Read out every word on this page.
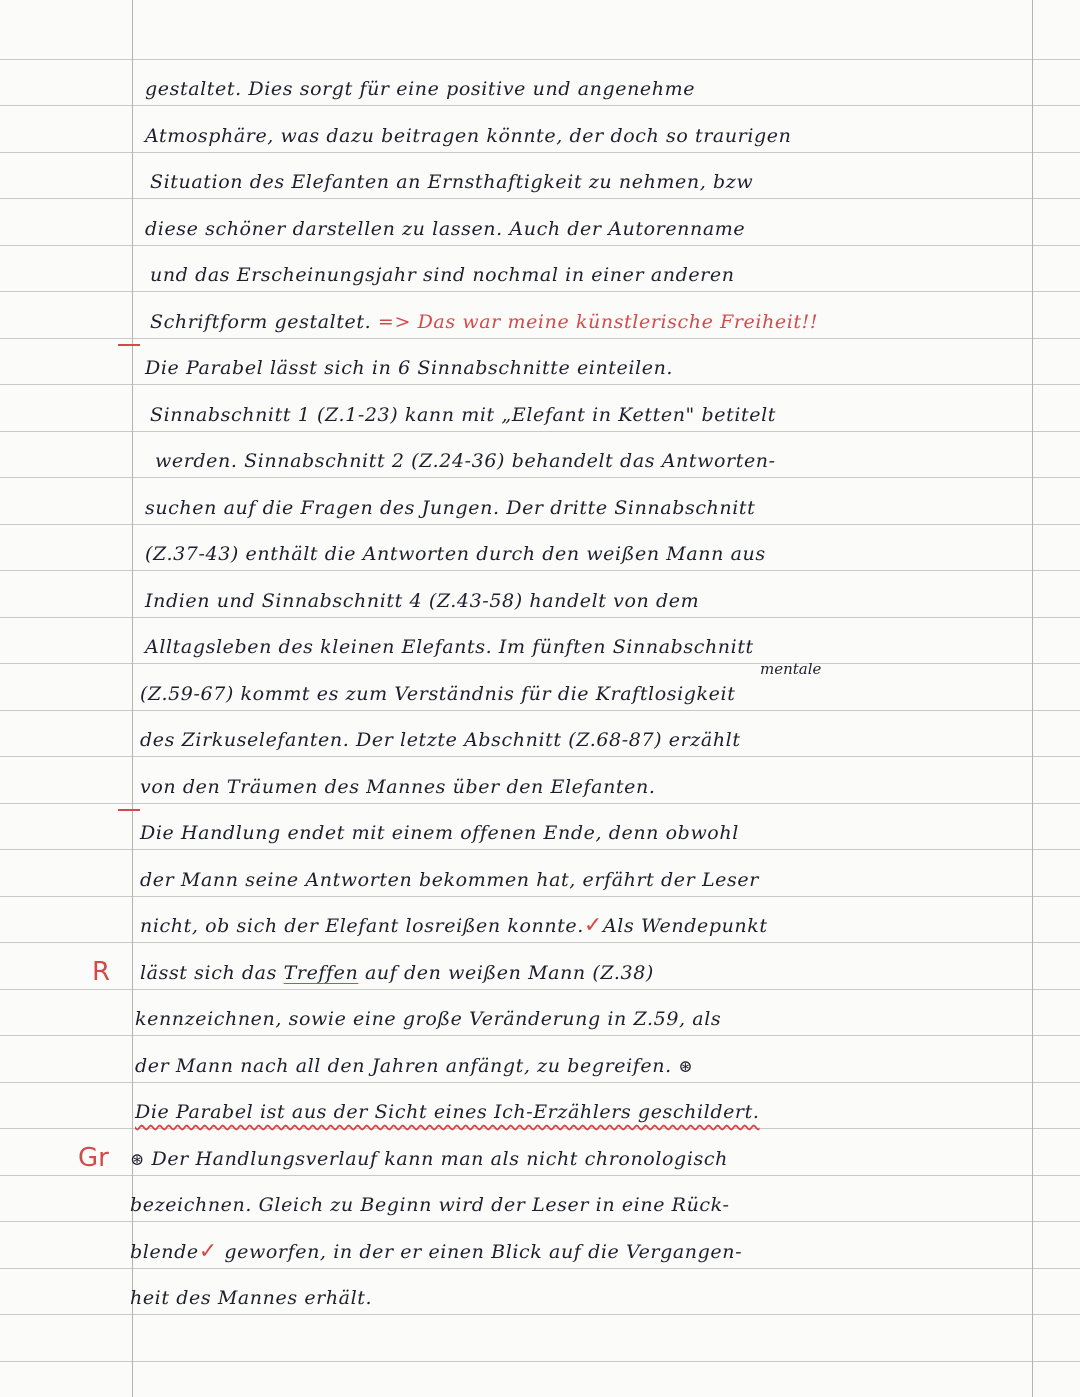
gestaltet. Dies sorgt für eine positive und angenehme
Atmosphäre, was dazu beitragen könnte, der doch so traurigen
Situation des Elefanten an Ernsthaftigkeit zu nehmen, bzw
diese schöner darstellen zu lassen. Auch der Autorenname
und das Erscheinungsjahr sind nochmal in einer anderen
Schriftform gestaltet. => Das war meine künstlerische Freiheit!!
Die Parabel lässt sich in 6 Sinnabschnitte einteilen.
Sinnabschnitt 1 (Z.1-23) kann mit „Elefant in Ketten" betitelt
werden. Sinnabschnitt 2 (Z.24-36) behandelt das Antworten-
suchen auf die Fragen des Jungen. Der dritte Sinnabschnitt
(Z.37-43) enthält die Antworten durch den weißen Mann aus
Indien und Sinnabschnitt 4 (Z.43-58) handelt von dem
Alltagsleben des kleinen Elefants. Im fünften Sinnabschnitt
(Z.59-67) kommt es zum Verständnis für die Kraftlosigkeit
des Zirkuselefanten. Der letzte Abschnitt (Z.68-87) erzählt
von den Träumen des Mannes über den Elefanten.
Die Handlung endet mit einem offenen Ende, denn obwohl
der Mann seine Antworten bekommen hat, erfährt der Leser
nicht, ob sich der Elefant losreißen konnte.✓Als Wendepunkt
lässt sich das Treffen auf den weißen Mann (Z.38)
kennzeichnen, sowie eine große Veränderung in Z.59, als
der Mann nach all den Jahren anfängt, zu begreifen. ⊛
Die Parabel ist aus der Sicht eines Ich-Erzählers geschildert.
⊛ Der Handlungsverlauf kann man als nicht chronologisch
bezeichnen. Gleich zu Beginn wird der Leser in eine Rück-
blende✓ geworfen, in der er einen Blick auf die Vergangen-
heit des Mannes erhält.
mentale
R
Gr
